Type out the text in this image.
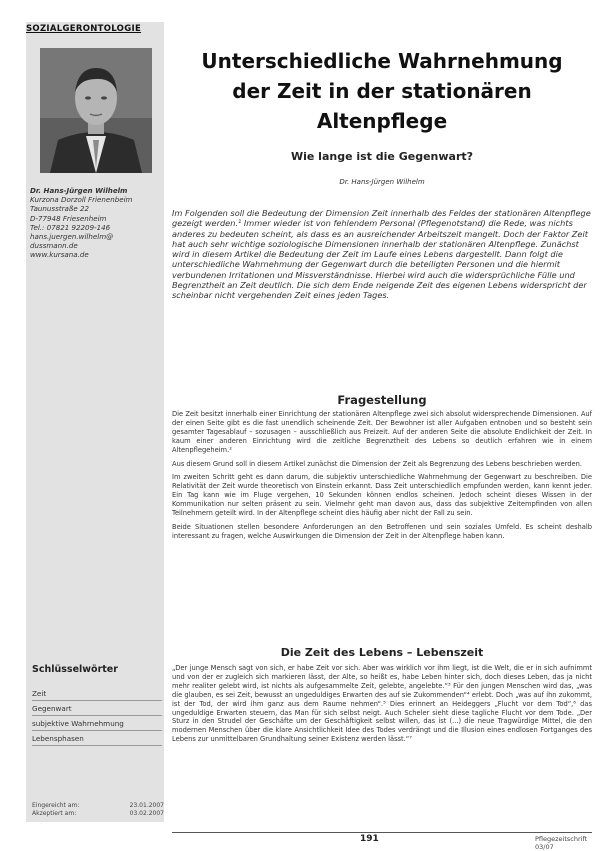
SOZIALGERONTOLOGIE
Dr. Hans-Jürgen Wilhelm
Kurzona Dorzoll Frienenbeim
Taunusstraße 22
D-77948 Friesenheim
Tel.: 07821 92209-146
hans.juergen.wilhelm@
dussmann.de
www.kursana.de
Unterschiedliche Wahrnehmung
der Zeit in der stationären
Altenpflege
Wie lange ist die Gegenwart?
Dr. Hans-Jürgen Wilhelm
Im Folgenden soll die Bedeutung der Dimension Zeit innerhalb des Feldes der stationären Altenpflege gezeigt werden.¹ Immer wieder ist von fehlendem Personal (Pflegenotstand) die Rede, was nichts anderes zu bedeuten scheint, als dass es an ausreichender Arbeitszeit mangelt. Doch der Faktor Zeit hat auch sehr wichtige soziologische Dimensionen innerhalb der stationären Altenpflege. Zunächst wird in diesem Artikel die Bedeutung der Zeit im Laufe eines Lebens dargestellt. Dann folgt die unterschiedliche Wahrnehmung der Gegenwart durch die beteiligten Personen und die hiermit verbundenen Irritationen und Missverständnisse. Hierbei wird auch die widersprüchliche Fülle und Begrenztheit an Zeit deutlich. Die sich dem Ende neigende Zeit des eigenen Lebens widerspricht der scheinbar nicht vergehenden Zeit eines jeden Tages.
Fragestellung

Die Zeit besitzt innerhalb einer Einrichtung der stationären Altenpflege zwei sich absolut widersprechende Dimensionen. Auf der einen Seite gibt es die fast unendlich scheinende Zeit. Der Bewohner ist aller Aufgaben entnoben und so besteht sein gesamter Tagesablauf – sozusagen – ausschließlich aus Freizeit. Auf der anderen Seite die absolute Endlichkeit der Zeit. In kaum einer anderen Einrichtung wird die zeitliche Begrenztheit des Lebens so deutlich erfahren wie in einem Altenpflegeheim.²

Aus diesem Grund soll in diesem Artikel zunächst die Dimension der Zeit als Begrenzung des Lebens beschrieben werden.

Im zweiten Schritt geht es dann darum, die subjektiv unterschiedliche Wahrnehmung der Gegenwart zu beschreiben. Die Relativität der Zeit wurde theoretisch von Einstein erkannt. Dass Zeit unterschiedlich empfunden werden, kann kennt jeder. Ein Tag kann wie im Fluge vergehen, 10 Sekunden können endlos scheinen. Jedoch scheint dieses Wissen in der Kommunikation nur selten präsent zu sein. Vielmehr geht man davon aus, dass das subjektive Zeitempfinden von allen Teilnehmern geteilt wird. In der Altenpflege scheint dies häufig aber nicht der Fall zu sein.

Beide Situationen stellen besondere Anforderungen an den Betroffenen und sein soziales Umfeld. Es scheint deshalb interessant zu fragen, welche Auswirkungen die Dimension der Zeit in der Altenpflege haben kann.

Die Zeit des Lebens – Lebenszeit

„Der junge Mensch sagt von sich, er habe Zeit vor sich. Aber was wirklich vor ihm liegt, ist die Welt, die er in sich aufnimmt und von der er zugleich sich markieren lässt, der Alte, so heißt es, habe Leben hinter sich, doch dieses Leben, das ja nicht mehr realiter gelebt wird, ist nichts als aufgesammelte Zeit, gelebte, angelebte.“³ Für den jungen Menschen wird das, „was die glauben, es sei Zeit, bewusst an ungeduldiges Erwarten des auf sie Zukommenden“⁴ erlebt. Doch „was auf ihn zukommt, ist der Tod, der wird ihm ganz aus dem Raume nehmen“.⁵ Dies erinnert an Heideggers „Flucht vor dem Tod“,⁶ das ungeduldige Erwarten steuern, das Man für sich selbst neigt. Auch Scheler sieht diese tagliche Flucht vor dem Tode. „Der Sturz in den Strudel der Geschäfte um der Geschäftigkeit selbst willen, das ist (...) die neue Tragwürdige Mittel, die den modernen Menschen über die klare Ansichtlichkeit Idee des Todes verdrängt und die Illusion eines endlosen Fortganges des Lebens zur unmittelbaren Grundhaltung seiner Existenz werden lässt.“⁷

Schlüsselwörter
Zeit
Gegenwart
subjektive Wahrnehmung
Lebensphasen
Eingereicht am:	23.01.2007
Akzeptiert am:	03.02.2007
191	Pflegezeitschrift 03/07
